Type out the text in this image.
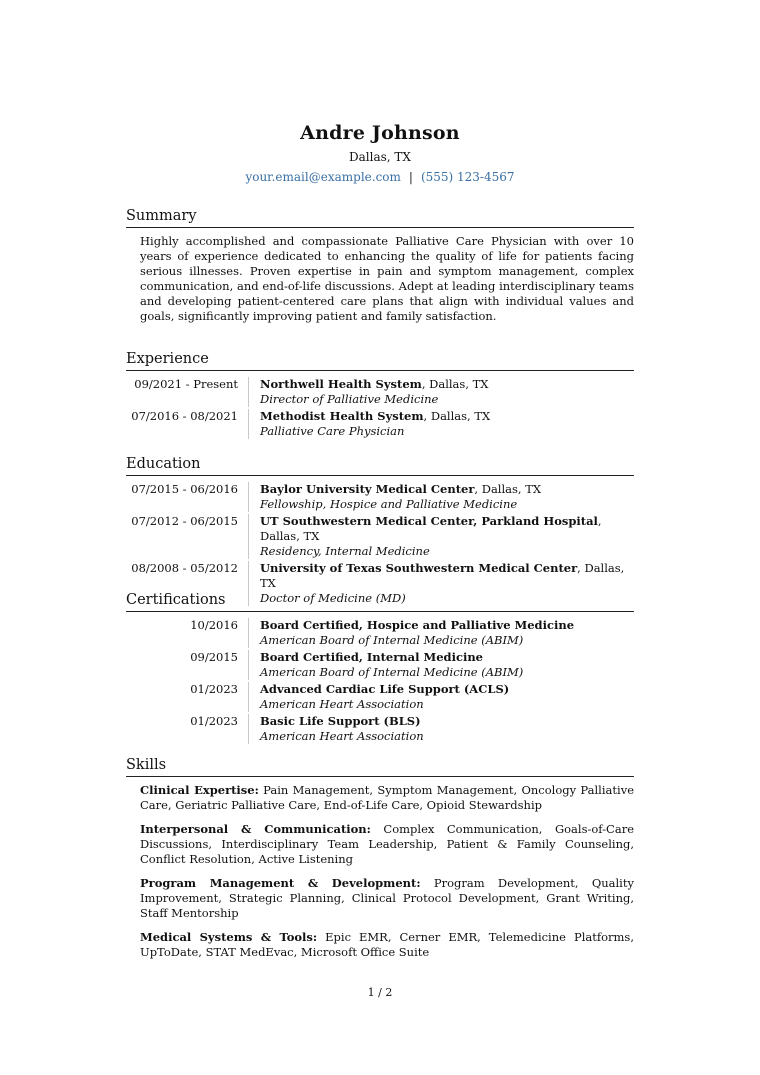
Andre Johnson
Dallas, TX
your.email@example.com | (555) 123-4567
Summary
Highly accomplished and compassionate Palliative Care Physician with over 10 years of experience dedicated to enhancing the quality of life for patients facing serious illnesses. Proven expertise in pain and symptom management, complex communication, and end-of-life discussions. Adept at leading interdisciplinary teams and developing patient-centered care plans that align with individual values and goals, significantly improving patient and family satisfaction.
Experience
09/2021 - Present	Northwell Health System, Dallas, TX
Director of Palliative Medicine
07/2016 - 08/2021	Methodist Health System, Dallas, TX
Palliative Care Physician
Education
07/2015 - 06/2016	Baylor University Medical Center, Dallas, TX
Fellowship, Hospice and Palliative Medicine
07/2012 - 06/2015	UT Southwestern Medical Center, Parkland Hospital, Dallas, TX
Residency, Internal Medicine
08/2008 - 05/2012	University of Texas Southwestern Medical Center, Dallas, TX
Doctor of Medicine (MD)
Certifications
10/2016	Board Certified, Hospice and Palliative Medicine
American Board of Internal Medicine (ABIM)
09/2015	Board Certified, Internal Medicine
American Board of Internal Medicine (ABIM)
01/2023	Advanced Cardiac Life Support (ACLS)
American Heart Association
01/2023	Basic Life Support (BLS)
American Heart Association
Skills
Clinical Expertise: Pain Management, Symptom Management, Oncology Palliative Care, Geriatric Palliative Care, End-of-Life Care, Opioid Stewardship
Interpersonal & Communication: Complex Communication, Goals-of-Care Discussions, Interdisciplinary Team Leadership, Patient & Family Counseling, Conflict Resolution, Active Listening
Program Management & Development: Program Development, Quality Improvement, Strategic Planning, Clinical Protocol Development, Grant Writing, Staff Mentorship
Medical Systems & Tools: Epic EMR, Cerner EMR, Telemedicine Platforms, UpToDate, STAT MedEvac, Microsoft Office Suite
1 / 2
